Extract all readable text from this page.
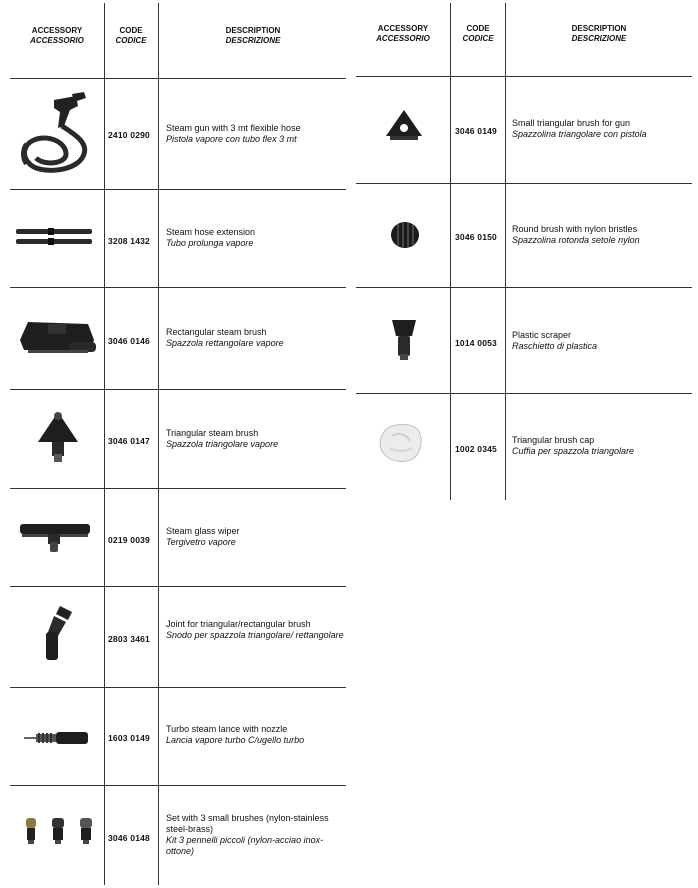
ACCESSORY
ACCESSORIO
CODE
CODICE
DESCRIPTION
DESCRIZIONE
2410 0290
Steam gun with 3 mt flexible hose
Pistola vapore con tubo flex 3 mt
3208 1432
Steam hose extension
Tubo prolunga vapore
3046 0146
Rectangular steam brush
Spazzola rettangolare vapore
3046 0147
Triangular steam brush
Spazzola triangolare vapore
0219 0039
Steam glass wiper
Tergivetro vapore
2803 3461
Joint for triangular/rectangular brush
Snodo per spazzola triangolare/ rettangolare
1603 0149
Turbo steam lance with nozzle
Lancia vapore turbo C/ugello turbo
3046 0148
Set with 3 small brushes (nylon-stainless steel-brass)
Kit 3 pennelli piccoli (nylon-acciao inox-ottone)
ACCESSORY
ACCESSORIO
CODE
CODICE
DESCRIPTION
DESCRIZIONE
3046 0149
Small triangular brush for gun
Spazzolina triangolare con pistola
3046 0150
Round brush with nylon bristles
Spazzolina rotonda setole nylon
1014 0053
Plastic scraper
Raschietto di plastica
1002 0345
Triangular brush cap
Cuffia per spazzola triangolare
